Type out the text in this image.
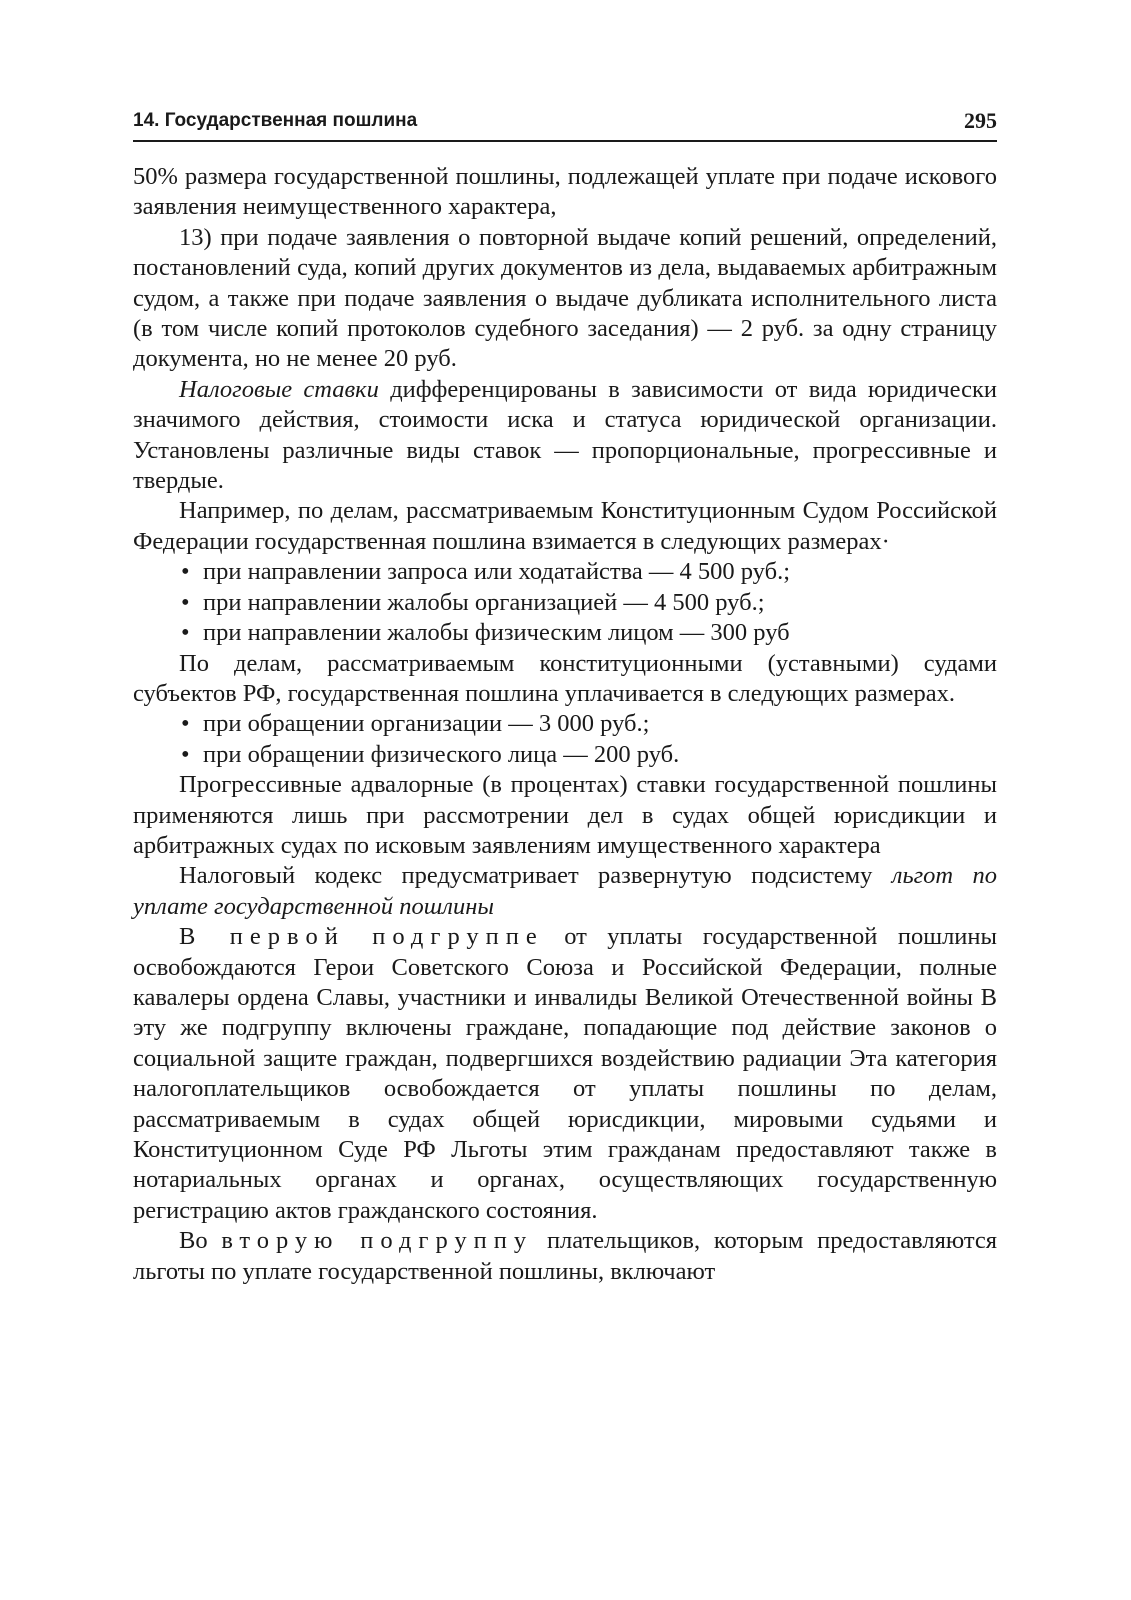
14. Государственная пошлина	295

50% размера государственной пошлины, подлежащей уплате при подаче искового заявления неимущественного характера,

13) при подаче заявления о повторной выдаче копий решений, определений, постановлений суда, копий других документов из дела, выдаваемых арбитражным судом, а также при подаче заявления о выдаче дубликата исполнительного листа (в том числе копий протоколов судебного заседания) — 2 руб. за одну страницу документа, но не менее 20 руб.

Налоговые ставки дифференцированы в зависимости от вида юридически значимого действия, стоимости иска и статуса юридической организации. Установлены различные виды ставок — пропорциональные, прогрессивные и твердые.

Например, по делам, рассматриваемым Конституционным Судом Российской Федерации государственная пошлина взимается в следующих размерах·

• при направлении запроса или ходатайства — 4 500 руб.;
• при направлении жалобы организацией — 4 500 руб.;
• при направлении жалобы физическим лицом — 300 руб

По делам, рассматриваемым конституционными (уставными) судами субъектов РФ, государственная пошлина уплачивается в следующих размерах.

• при обращении организации — 3 000 руб.;
• при обращении физического лица — 200 руб.

Прогрессивные адвалорные (в процентах) ставки государственной пошлины применяются лишь при рассмотрении дел в судах общей юрисдикции и арбитражных судах по исковым заявлениям имущественного характера

Налоговый кодекс предусматривает развернутую подсистему льгот по уплате государственной пошлины

В первой подгруппе от уплаты государственной пошлины освобождаются Герои Советского Союза и Российской Федерации, полные кавалеры ордена Славы, участники и инвалиды Великой Отечественной войны В эту же подгруппу включены граждане, попадающие под действие законов о социальной защите граждан, подвергшихся воздействию радиации Эта категория налогоплательщиков освобождается от уплаты пошлины по делам, рассматриваемым в судах общей юрисдикции, мировыми судьями и Конституционном Суде РФ Льготы этим гражданам предоставляют также в нотариальных органах и органах, осуществляющих государственную регистрацию актов гражданского состояния.

Во вторую подгруппу плательщиков, которым предоставляются льготы по уплате государственной пошлины, включают
